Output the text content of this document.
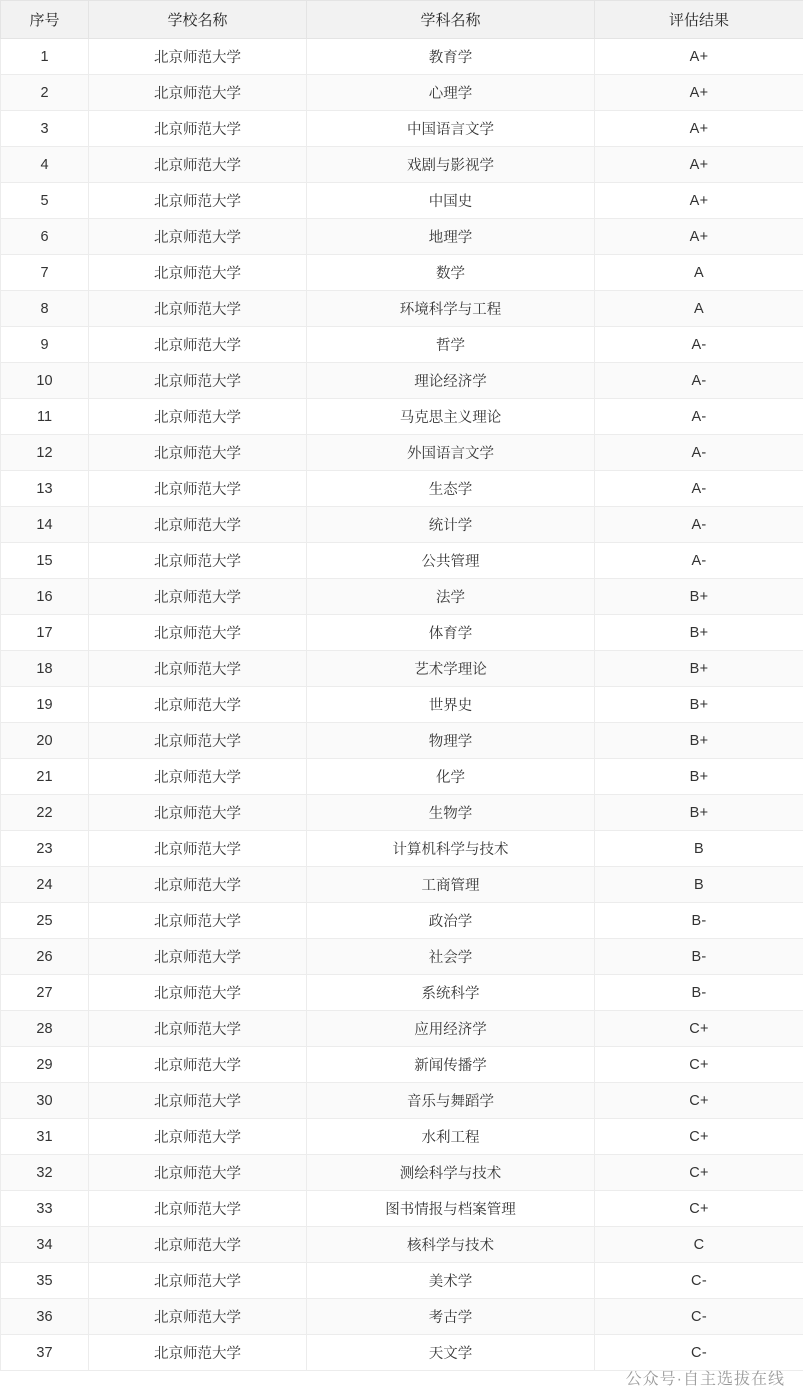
序号	学校名称	学科名称	评估结果
1	北京师范大学	教育学	A+
2	北京师范大学	心理学	A+
3	北京师范大学	中国语言文学	A+
4	北京师范大学	戏剧与影视学	A+
5	北京师范大学	中国史	A+
6	北京师范大学	地理学	A+
7	北京师范大学	数学	A
8	北京师范大学	环境科学与工程	A
9	北京师范大学	哲学	A-
10	北京师范大学	理论经济学	A-
11	北京师范大学	马克思主义理论	A-
12	北京师范大学	外国语言文学	A-
13	北京师范大学	生态学	A-
14	北京师范大学	统计学	A-
15	北京师范大学	公共管理	A-
16	北京师范大学	法学	B+
17	北京师范大学	体育学	B+
18	北京师范大学	艺术学理论	B+
19	北京师范大学	世界史	B+
20	北京师范大学	物理学	B+
21	北京师范大学	化学	B+
22	北京师范大学	生物学	B+
23	北京师范大学	计算机科学与技术	B
24	北京师范大学	工商管理	B
25	北京师范大学	政治学	B-
26	北京师范大学	社会学	B-
27	北京师范大学	系统科学	B-
28	北京师范大学	应用经济学	C+
29	北京师范大学	新闻传播学	C+
30	北京师范大学	音乐与舞蹈学	C+
31	北京师范大学	水利工程	C+
32	北京师范大学	测绘科学与技术	C+
33	北京师范大学	图书情报与档案管理	C+
34	北京师范大学	核科学与技术	C
35	北京师范大学	美术学	C-
36	北京师范大学	考古学	C-
37	北京师范大学	天文学	C-
公众号·自主选拔在线
